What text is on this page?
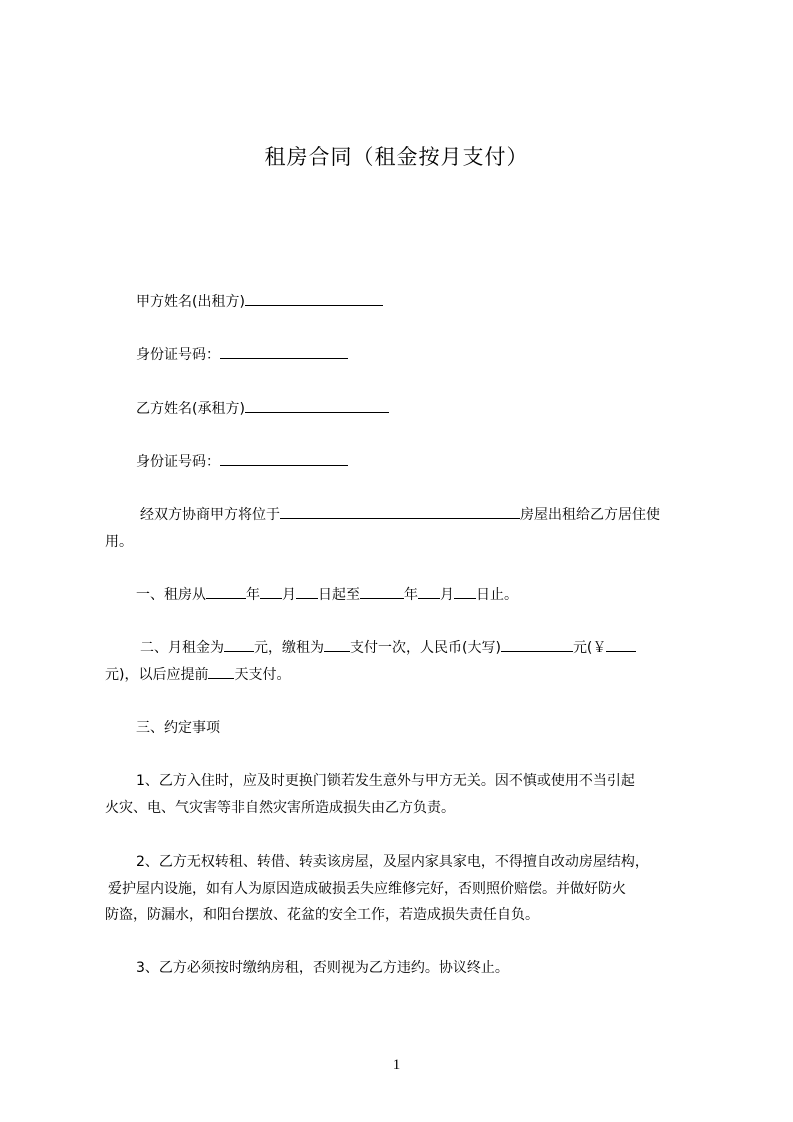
租房合同（租金按月支付）
甲方姓名(出租方)
身份证号码：
乙方姓名(承租方)
身份证号码：
经双方协商甲方将位于	房屋出租给乙方居住使
用。
一、租房从	年 月 日起至	年 月 日止。
二、月租金为 元，缴租为 支付一次，人民币(大写)	元(￥
元)，以后应提前 天支付。
三、约定事项
1、乙方入住时，应及时更换门锁若发生意外与甲方无关。因不慎或使用不当引起
火灾、电、气灾害等非自然灾害所造成损失由乙方负责。
2、乙方无权转租、转借、转卖该房屋，及屋内家具家电，不得擅自改动房屋结构，
爱护屋内设施，如有人为原因造成破损丢失应维修完好，否则照价赔偿。并做好防火
防盗，防漏水，和阳台摆放、花盆的安全工作，若造成损失责任自负。
3、乙方必须按时缴纳房租，否则视为乙方违约。协议终止。
1
